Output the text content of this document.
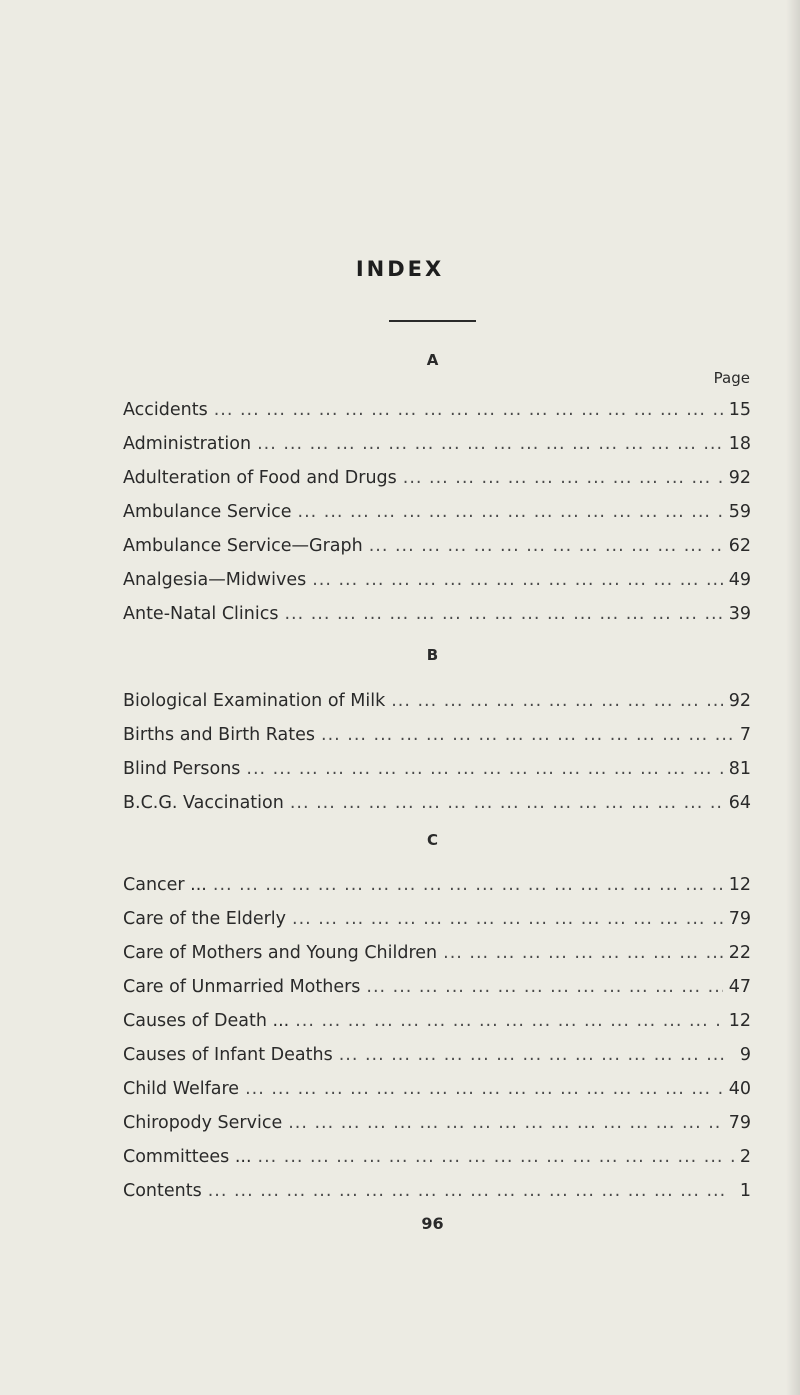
INDEX
A
Page
Accidents ... .	15
Administration ... .	18
Adulteration of Food and Drugs ... .	92
Ambulance Service ... .	59
Ambulance Service—Graph ... .	62
Analgesia—Midwives ... .	49
Ante-Natal Clinics ... .	39
B
Biological Examination of Milk ... .	92
Births and Birth Rates ... .	7
Blind Persons ... .	81
B.C.G. Vaccination ... .	64
C
Cancer ... ... .	12
Care of the Elderly ... .	79
Care of Mothers and Young Children ... .	22
Care of Unmarried Mothers ... .	47
Causes of Death ... ... .	12
Causes of Infant Deaths ... .	9
Child Welfare ... .	40
Chiropody Service ... .	79
Committees ... ... .	2
Contents ... .	1
96
